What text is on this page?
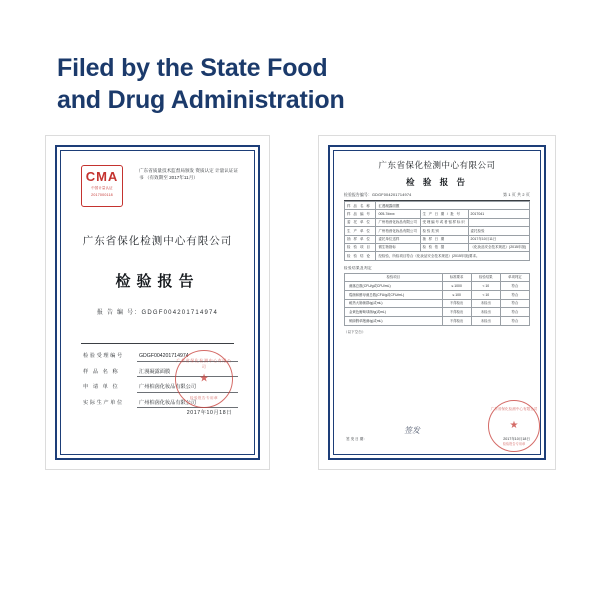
Filed by the State Food
and Drug Administration
CMA
中国计量认证
2017000118
广东省质量技术监督局颁发 资质认定 计量认证证书 （有效期至 2017年11月）
广东省保化检测中心有限公司
检验报告
报 告 编 号：GDGF004201714974
检验受理编号	GDGF004201714974
样 品 名 称	汇漫凝露面膜
申 请 单 位	广州柏茵化妆品有限公司
实际生产单位	广州柏茵化妆品有限公司
广东省保化检测中心有限公司
★
检验报告专用章
2017年10月18日
广东省保化检测中心有限公司
检 验 报 告
检验报告编号：GDGF004201714974	第 1 页 共 2 页
样 品 名 称	汇漫凝露面膜		
样 品 编 号	005-7dxxx	生 产 日 期 / 批 号	2017041
委 托 单 位	广州柏茵化妆品有限公司	受理编号或者留样标识	
生 产 单 位	广州柏茵化妆品有限公司	检验类别	委托检验
抽 样 单 位	委托单位送样	抽 样 日 期	2017年10月11日
检 验 项 目	微生物指标	检 验 依 据	《化妆品安全技术规范》(2015年版)
检 验 结 论	经检验，所检项目符合《化妆品安全技术规范》(2015年版)要求。		
检验结果及判定
检验项目	标准要求	检验结果	单项判定
菌落总数(CFU/g或CFU/mL)	≤ 1000	< 10	符合
霉菌和酵母菌总数(CFU/g或CFU/mL)	≤ 100	< 10	符合
耐热大肠菌群/g(或mL)	不得检出	未检出	符合
金黄色葡萄球菌/g(或mL)	不得检出	未检出	符合
铜绿假单胞菌/g(或mL)	不得检出	未检出	符合
（以下空白）
签发
广东省保化检测中心有限公司
★
检验报告专用章
签 发 日 期：	2017年10月18日
